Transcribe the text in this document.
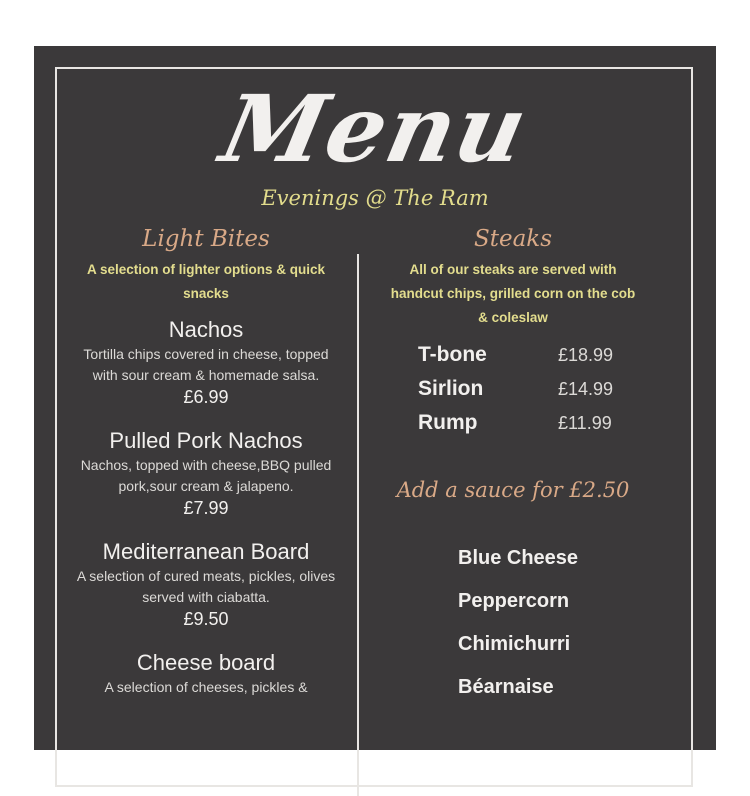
Menu
Evenings @ The Ram
Light Bites
A selection of lighter options & quick snacks
Nachos
Tortilla chips covered in cheese, topped with sour cream & homemade salsa.
£6.99
Pulled Pork Nachos
Nachos, topped with cheese,BBQ pulled pork,sour cream & jalapeno.
£7.99
Mediterranean Board
A selection of cured meats, pickles, olives served with ciabatta.
£9.50
Cheese board
A selection of cheeses, pickles &
Steaks
All of our steaks are served with handcut chips, grilled corn on the cob & coleslaw
T-bone	£18.99
Sirlion	£14.99
Rump	£11.99
Add a sauce for £2.50
Blue Cheese
Peppercorn
Chimichurri
Béarnaise
